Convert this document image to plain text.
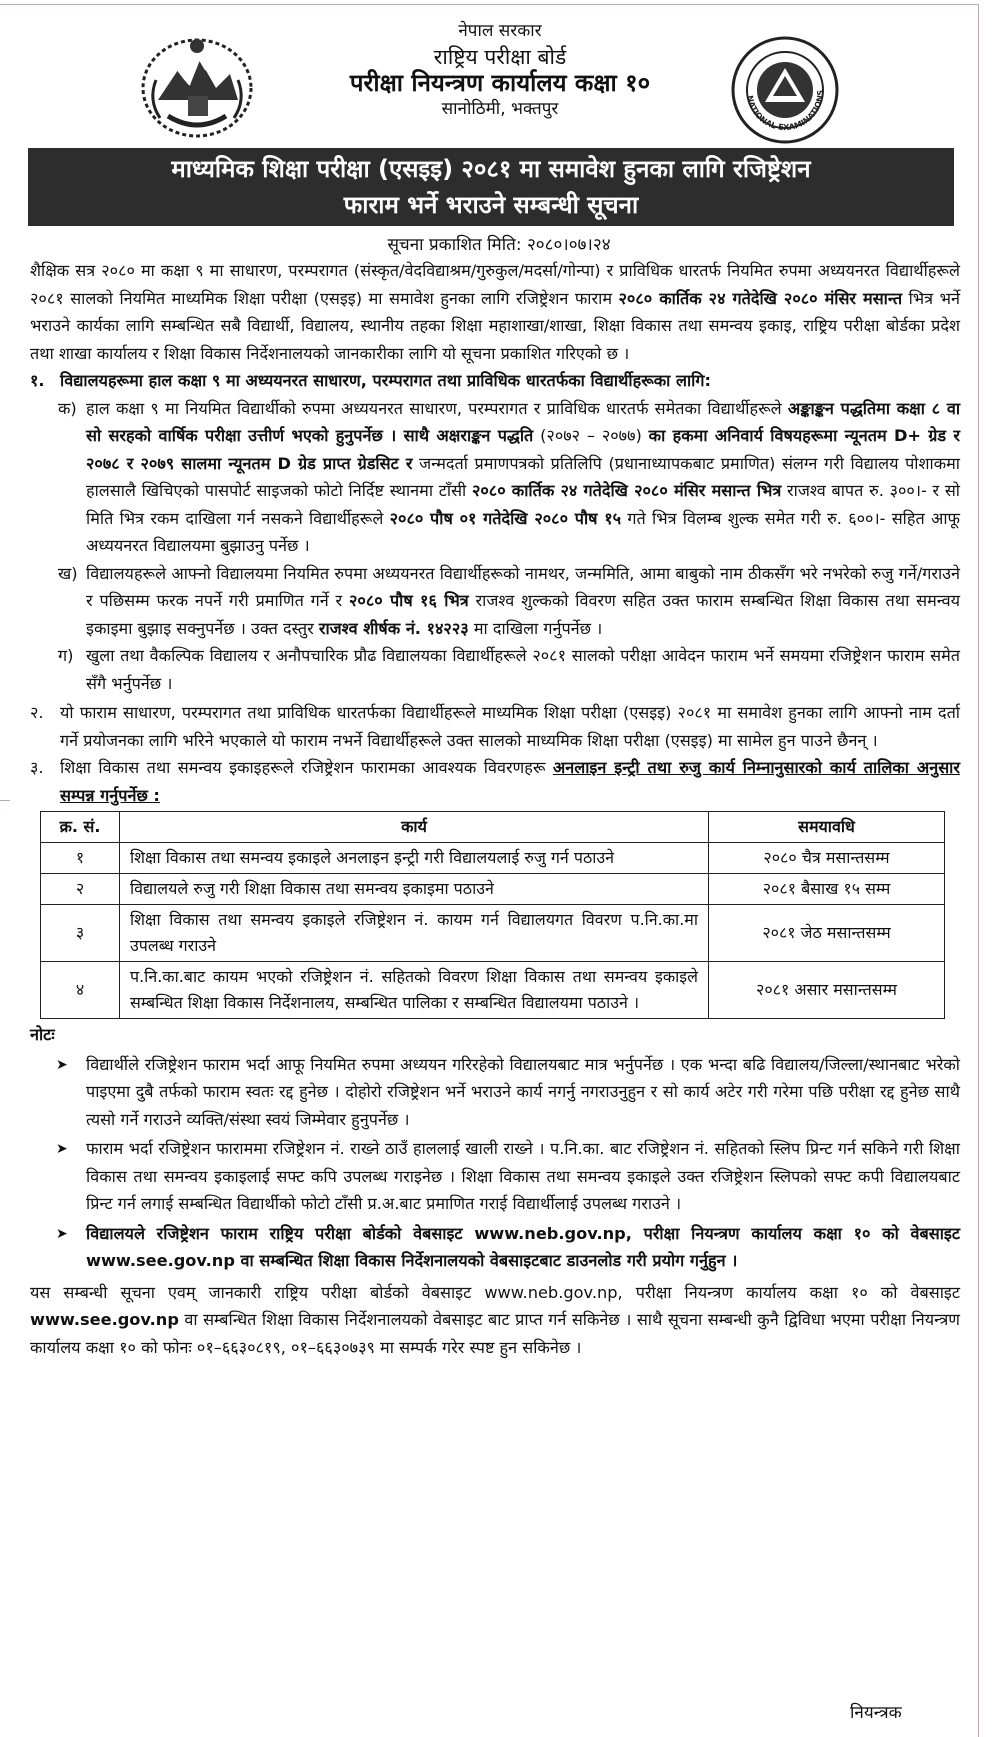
नेपाल सरकार
राष्ट्रिय परीक्षा बोर्ड
परीक्षा नियन्त्रण कार्यालय कक्षा १०
सानोठिमी, भक्तपुर
NATIONAL EXAMINATIONS
माध्यमिक शिक्षा परीक्षा (एसइइ) २०८१ मा समावेश हुनका लागि रजिष्ट्रेशन
फाराम भर्ने भराउने सम्बन्धी सूचना
सूचना प्रकाशित मिति: २०८०।०७।२४

शैक्षिक सत्र २०८० मा कक्षा ९ मा साधारण, परम्परागत (संस्कृत/वेदविद्याश्रम/गुरुकुल/मदर्सा/गोन्पा) र प्राविधिक धारतर्फ नियमित रुपमा अध्ययनरत विद्यार्थीहरूले २०८१ सालको नियमित माध्यमिक शिक्षा परीक्षा (एसइइ) मा समावेश हुनका लागि रजिष्ट्रेशन फाराम २०८० कार्तिक २४ गतेदेखि २०८० मंसिर मसान्त भित्र भर्ने भराउने कार्यका लागि सम्बन्धित सबै विद्यार्थी, विद्यालय, स्थानीय तहका शिक्षा महाशाखा/शाखा, शिक्षा विकास तथा समन्वय इकाइ, राष्ट्रिय परीक्षा बोर्डका प्रदेश तथा शाखा कार्यालय र शिक्षा विकास निर्देशनालयको जानकारीका लागि यो सूचना प्रकाशित गरिएको छ ।

१. विद्यालयहरूमा हाल कक्षा ९ मा अध्ययनरत साधारण, परम्परागत तथा प्राविधिक धारतर्फका विद्यार्थीहरूका लागि:
क) हाल कक्षा ९ मा नियमित विद्यार्थीको रुपमा अध्ययनरत साधारण, परम्परागत र प्राविधिक धारतर्फ समेतका विद्यार्थीहरूले अङ्काङ्कन पद्धतिमा कक्षा ८ वा सो सरहको वार्षिक परीक्षा उत्तीर्ण भएको हुनुपर्नेछ । साथै अक्षराङ्कन पद्धति (२०७२ – २०७७) का हकमा अनिवार्य विषयहरूमा न्यूनतम D+ ग्रेड र २०७८ र २०७९ सालमा न्यूनतम D ग्रेड प्राप्त ग्रेडसिट र जन्मदर्ता प्रमाणपत्रको प्रतिलिपि (प्रधानाध्यापकबाट प्रमाणित) संलग्न गरी विद्यालय पोशाकमा हालसालै खिचिएको पासपोर्ट साइजको फोटो निर्दिष्ट स्थानमा टाँसी २०८० कार्तिक २४ गतेदेखि २०८० मंसिर मसान्त भित्र राजश्व बापत रु. ३००।- र सो मिति भित्र रकम दाखिला गर्न नसकने विद्यार्थीहरूले २०८० पौष ०१ गतेदेखि २०८० पौष १५ गते भित्र विलम्ब शुल्क समेत गरी रु. ६००।- सहित आफू अध्ययनरत विद्यालयमा बुझाउनु पर्नेछ ।
ख) विद्यालयहरूले आफ्नो विद्यालयमा नियमित रुपमा अध्ययनरत विद्यार्थीहरूको नामथर, जन्ममिति, आमा बाबुको नाम ठीकसँग भरे नभरेको रुजु गर्ने/गराउने र पछिसम्म फरक नपर्ने गरी प्रमाणित गर्ने र २०८० पौष १६ भित्र राजश्व शुल्कको विवरण सहित उक्त फाराम सम्बन्धित शिक्षा विकास तथा समन्वय इकाइमा बुझाइ सक्नुपर्नेछ । उक्त दस्तुर राजश्व शीर्षक नं. १४२२३ मा दाखिला गर्नुपर्नेछ ।
ग) खुला तथा वैकल्पिक विद्यालय र अनौपचारिक प्रौढ विद्यालयका विद्यार्थीहरूले २०८१ सालको परीक्षा आवेदन फाराम भर्ने समयमा रजिष्ट्रेशन फाराम समेत सँगै भर्नुपर्नेछ ।
२.	यो फाराम साधारण, परम्परागत तथा प्राविधिक धारतर्फका विद्यार्थीहरूले माध्यमिक शिक्षा परीक्षा (एसइइ) २०८१ मा समावेश हुनका लागि आफ्नो नाम दर्ता गर्ने प्रयोजनका लागि भरिने भएकाले यो फाराम नभर्ने विद्यार्थीहरूले उक्त सालको माध्यमिक शिक्षा परीक्षा (एसइइ) मा सामेल हुन पाउने छैनन् ।
३.	शिक्षा विकास तथा समन्वय इकाइहरूले रजिष्ट्रेशन फारामका आवश्यक विवरणहरू अनलाइन इन्ट्री तथा रुजु कार्य निम्नानुसारको कार्य तालिका अनुसार सम्पन्न गर्नुपर्नेछ :
क्र. सं.	कार्य	समयावधि
१	शिक्षा विकास तथा समन्वय इकाइले अनलाइन इन्ट्री गरी विद्यालयलाई रुजु गर्न पठाउने	२०८० चैत्र मसान्तसम्म
२	विद्यालयले रुजु गरी शिक्षा विकास तथा समन्वय इकाइमा पठाउने	२०८१ बैसाख १५ सम्म
३	शिक्षा विकास तथा समन्वय इकाइले रजिष्ट्रेशन नं. कायम गर्न विद्यालयगत विवरण प.नि.का.मा उपलब्ध गराउने	२०८१ जेठ मसान्तसम्म
४	प.नि.का.बाट कायम भएको रजिष्ट्रेशन नं. सहितको विवरण शिक्षा विकास तथा समन्वय इकाइले सम्बन्धित शिक्षा विकास निर्देशनालय, सम्बन्धित पालिका र सम्बन्धित विद्यालयमा पठाउने ।	२०८१ असार मसान्तसम्म
नोटः
➤	विद्यार्थीले रजिष्ट्रेशन फाराम भर्दा आफू नियमित रुपमा अध्ययन गरिरहेको विद्यालयबाट मात्र भर्नुपर्नेछ । एक भन्दा बढि विद्यालय/जिल्ला/स्थानबाट भरेको पाइएमा दुबै तर्फको फाराम स्वतः रद्द हुनेछ । दोहोरो रजिष्ट्रेशन भर्ने भराउने कार्य नगर्नु नगराउनुहुन र सो कार्य अटेर गरी गरेमा पछि परीक्षा रद्द हुनेछ साथै त्यसो गर्ने गराउने व्यक्ति/संस्था स्वयं जिम्मेवार हुनुपर्नेछ ।
➤	फाराम भर्दा रजिष्ट्रेशन फाराममा रजिष्ट्रेशन नं. राख्ने ठाउँ हाललाई खाली राख्ने । प.नि.का. बाट रजिष्ट्रेशन नं. सहितको स्लिप प्रिन्ट गर्न सकिने गरी शिक्षा विकास तथा समन्वय इकाइलाई सफ्ट कपि उपलब्ध गराइनेछ । शिक्षा विकास तथा समन्वय इकाइले उक्त रजिष्ट्रेशन स्लिपको सफ्ट कपी विद्यालयबाट प्रिन्ट गर्न लगाई सम्बन्धित विद्यार्थीको फोटो टाँसी प्र.अ.बाट प्रमाणित गराई विद्यार्थीलाई उपलब्ध गराउने ।
➤	विद्यालयले रजिष्ट्रेशन फाराम राष्ट्रिय परीक्षा बोर्डको वेबसाइट www.neb.gov.np, परीक्षा नियन्त्रण कार्यालय कक्षा १० को वेबसाइट www.see.gov.np वा सम्बन्धित शिक्षा विकास निर्देशनालयको वेबसाइटबाट डाउनलोड गरी प्रयोग गर्नुहुन ।

यस सम्बन्धी सूचना एवम् जानकारी राष्ट्रिय परीक्षा बोर्डको वेबसाइट www.neb.gov.np, परीक्षा नियन्त्रण कार्यालय कक्षा १० को वेबसाइट www.see.gov.np वा सम्बन्धित शिक्षा विकास निर्देशनालयको वेबसाइट बाट प्राप्त गर्न सकिनेछ । साथै सूचना सम्बन्धी कुनै द्विविधा भएमा परीक्षा नियन्त्रण कार्यालय कक्षा १० को फोनः ०१–६६३०८१९, ०१–६६३०७३९ मा सम्पर्क गरेर स्पष्ट हुन सकिनेछ ।

नियन्त्रक
